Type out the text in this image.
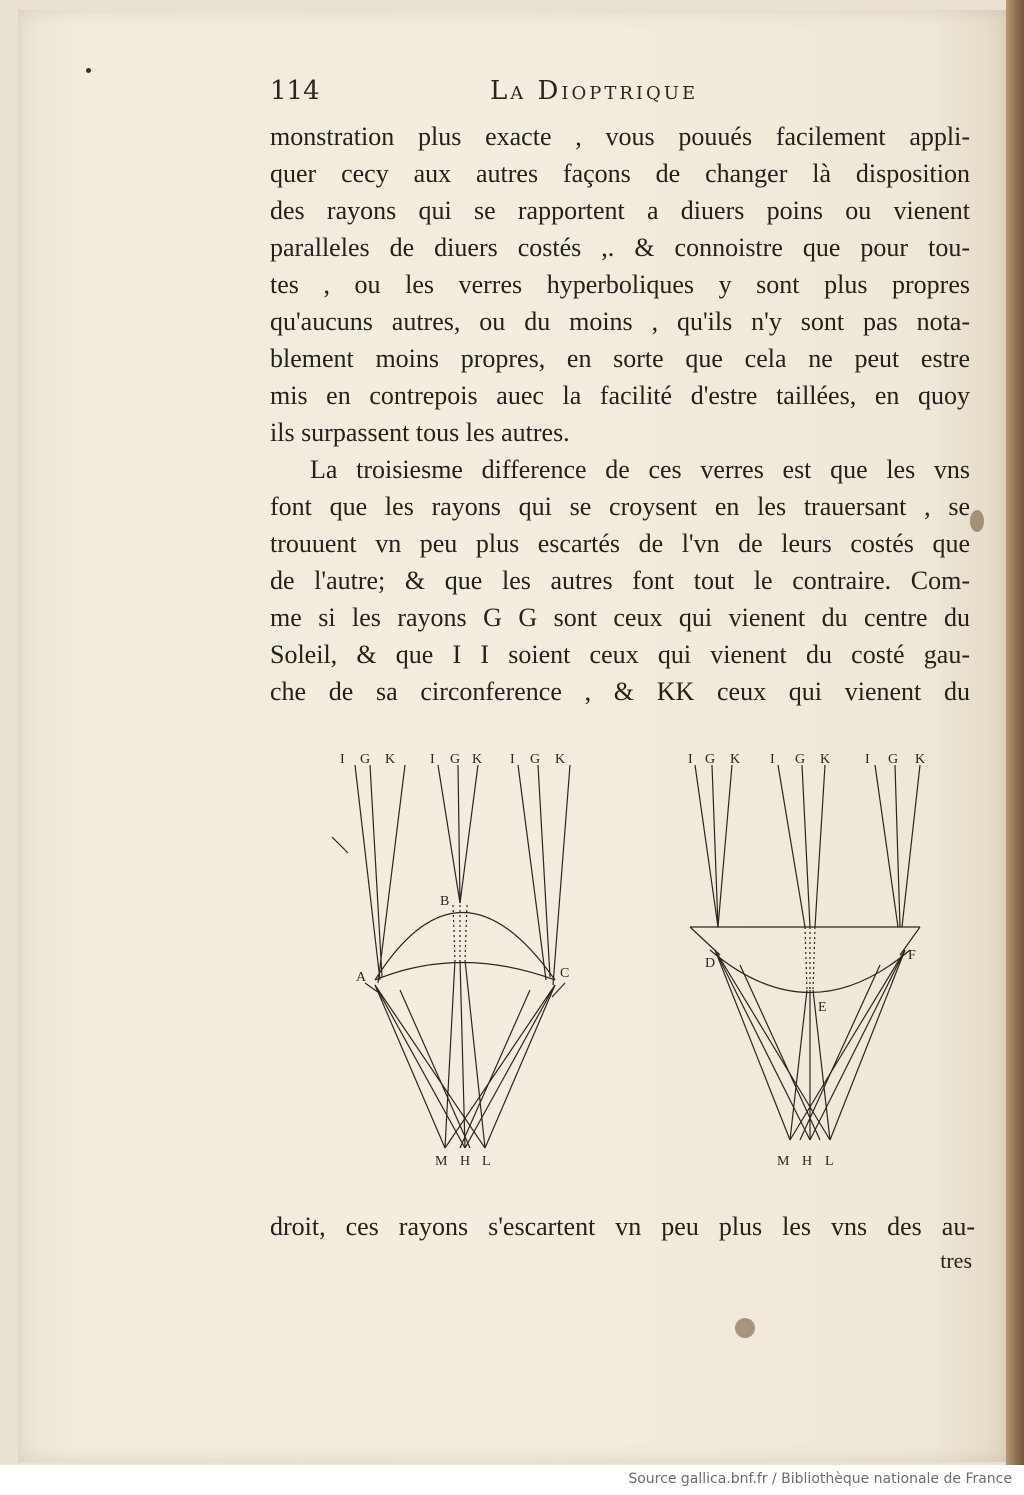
114	La Dioptrique
monstration plus exacte , vous pouués facilement appli-
quer cecy aux autres façons de changer là disposition
des rayons qui se rapportent a diuers poins ou vienent
paralleles de diuers costés ,. & connoistre que pour tou-
tes , ou les verres hyperboliques y sont plus propres
qu'aucuns autres, ou du moins , qu'ils n'y sont pas nota-
blement moins propres, en sorte que cela ne peut estre
mis en contrepois auec la facilité d'estre taillées, en quoy
ils surpassent tous les autres.
La troisiesme difference de ces verres est que les vns
font que les rayons qui se croysent en les trauersant , se
trouuent vn peu plus escartés de l'vn de leurs costés que
de l'autre; & que les autres font tout le contraire. Com-
me si les rayons G G sont ceux qui vienent du centre du
Soleil, & que I I soient ceux qui vienent du costé gau-
che de sa circonference , & KK ceux qui vienent du
I G K I G K I G K
A
B
C
M H L
I G K I G K I G K
D
E
F
M H L
droit, ces rayons s'escartent vn peu plus les vns des au-
tres
Source gallica.bnf.fr / Bibliothèque nationale de France
